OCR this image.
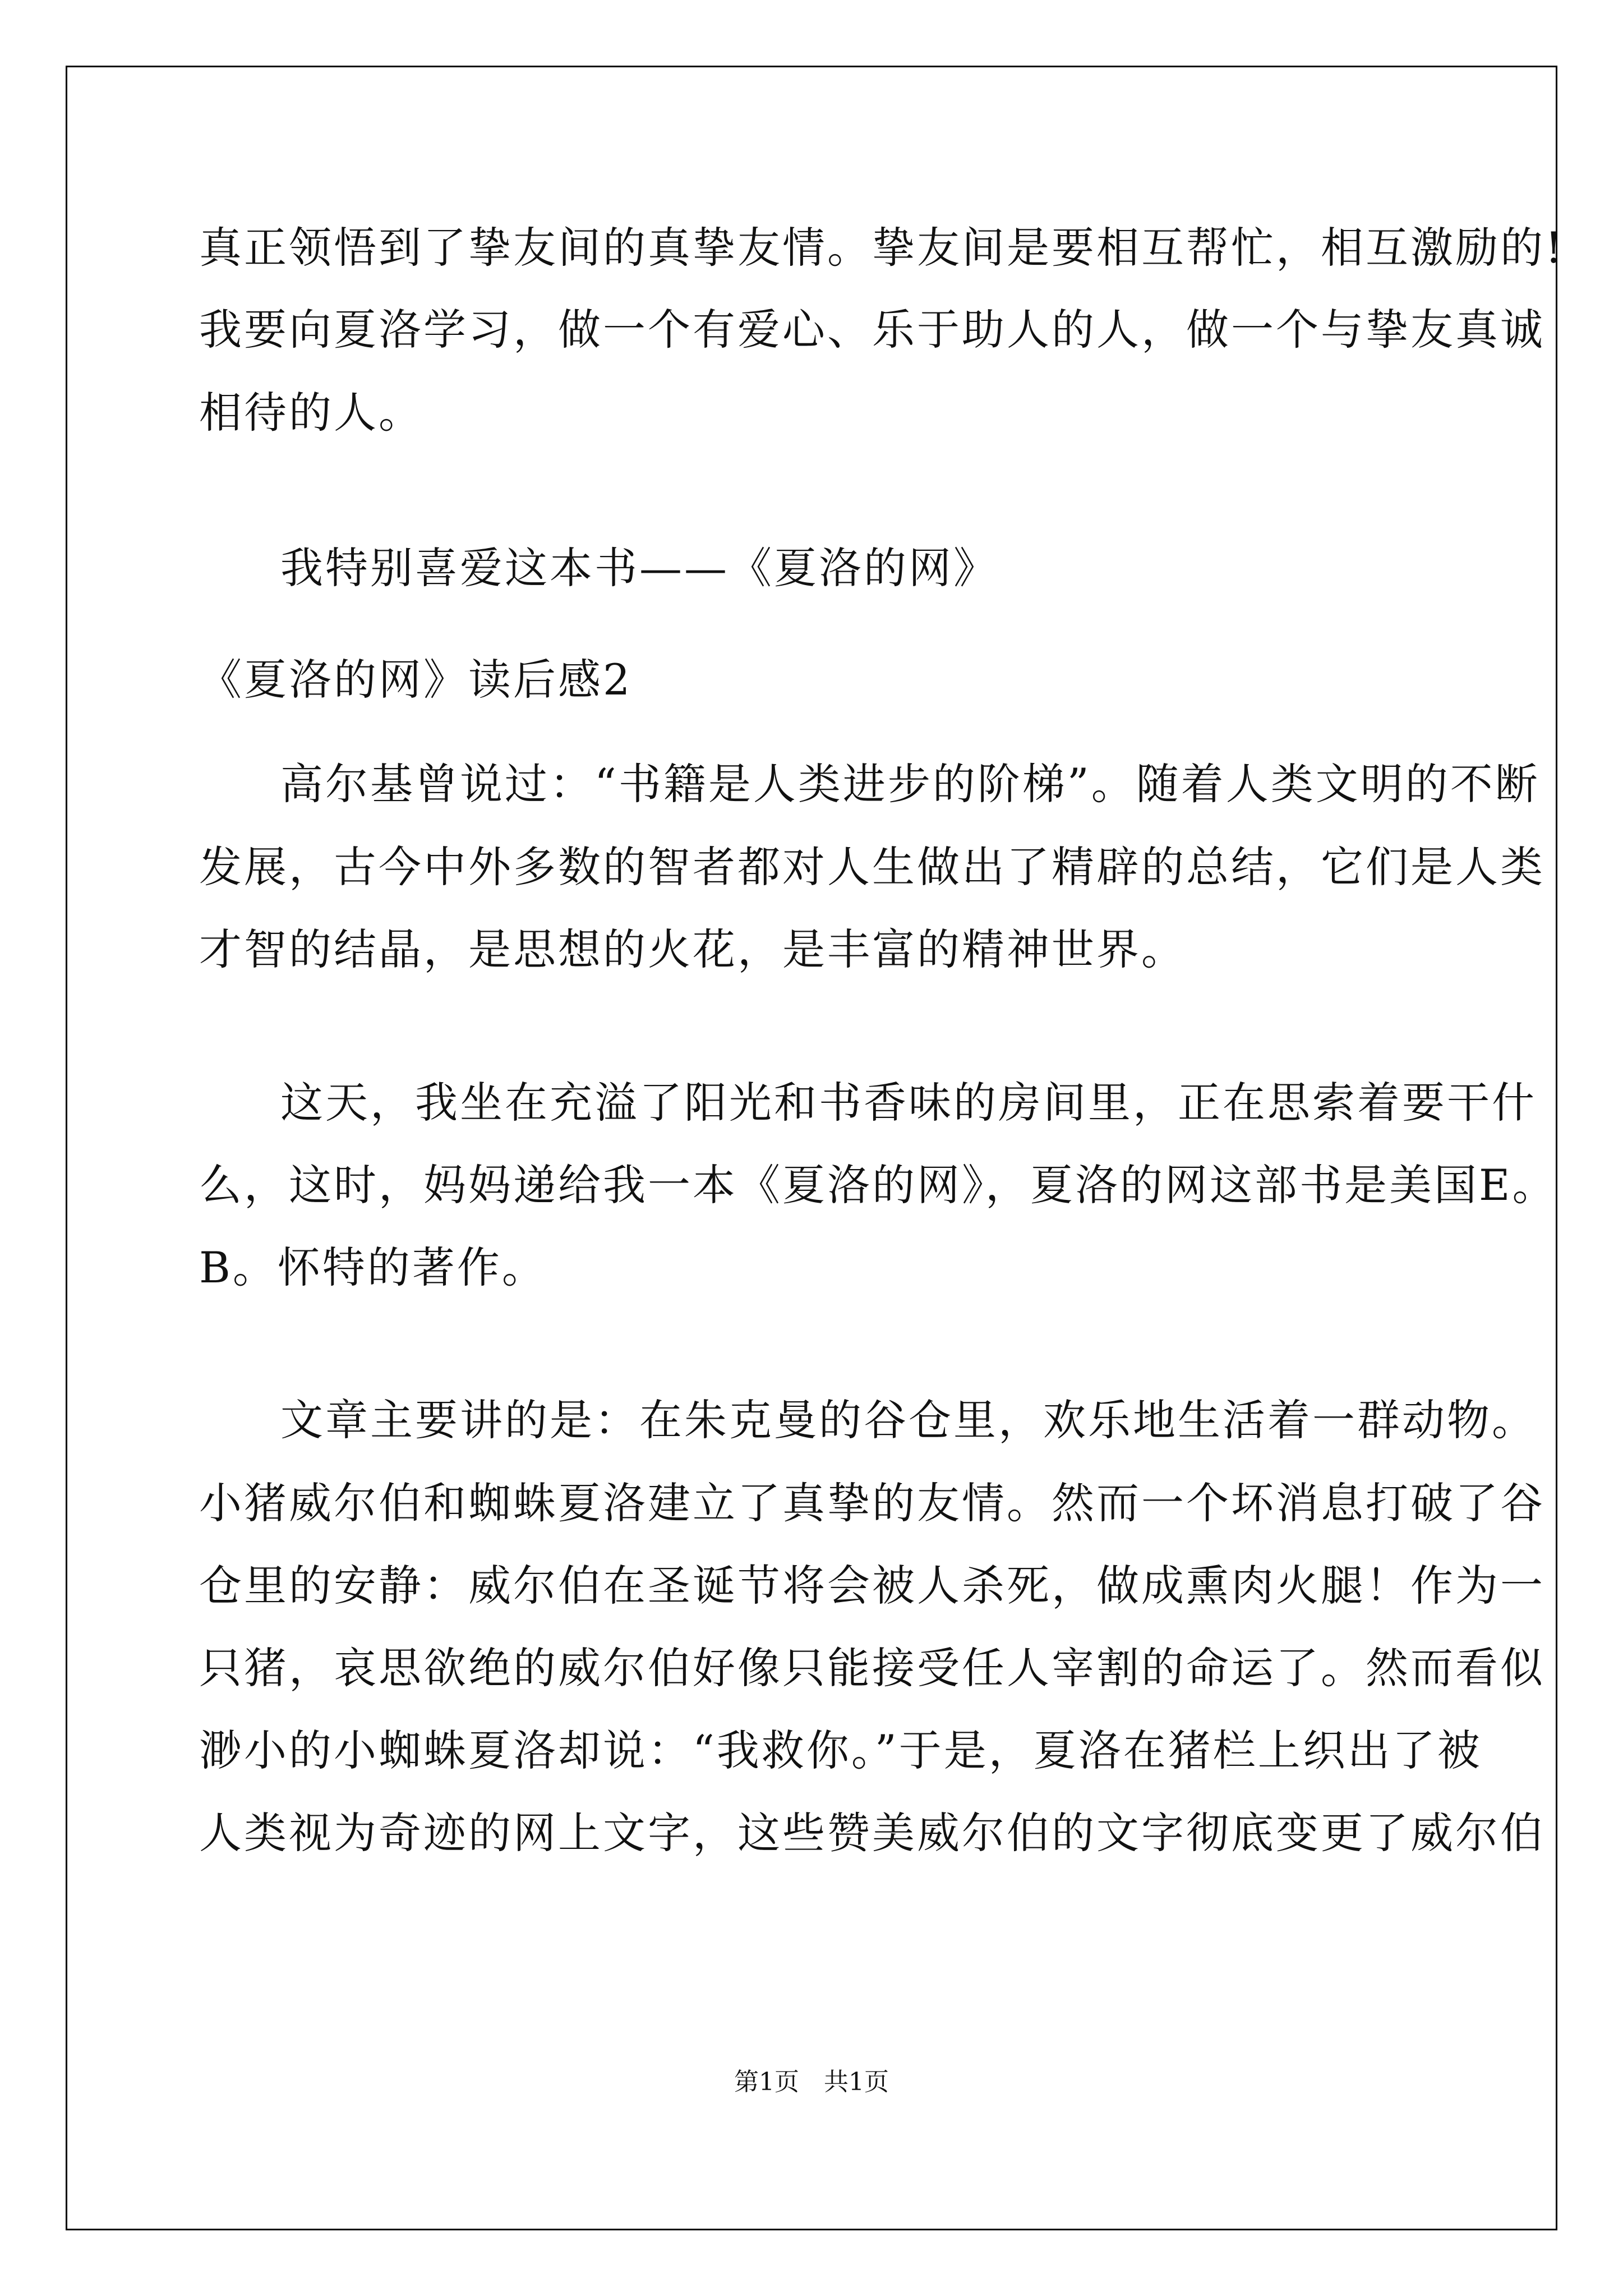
真正领悟到了挚友间的真挚友情。挚友间是要相互帮忙，相互激励的!
我要向夏洛学习，做一个有爱心、乐于助人的人，做一个与挚友真诚
相待的人。
我特别喜爱这本书——《夏洛的网》
《夏洛的网》读后感2
高尔基曾说过：“书籍是人类进步的阶梯”。随着人类文明的不断
发展，古今中外多数的智者都对人生做出了精辟的总结，它们是人类
才智的结晶，是思想的火花，是丰富的精神世界。
这天，我坐在充溢了阳光和书香味的房间里，正在思索着要干什
么，这时，妈妈递给我一本《夏洛的网》，夏洛的网这部书是美国E。
B。怀特的著作。
文章主要讲的是：在朱克曼的谷仓里，欢乐地生活着一群动物。
小猪威尔伯和蜘蛛夏洛建立了真挚的友情。然而一个坏消息打破了谷
仓里的安静：威尔伯在圣诞节将会被人杀死，做成熏肉火腿！作为一
只猪，哀思欲绝的威尔伯好像只能接受任人宰割的命运了。然而看似
渺小的小蜘蛛夏洛却说：“我救你。”于是，夏洛在猪栏上织出了被
人类视为奇迹的网上文字，这些赞美威尔伯的文字彻底变更了威尔伯
第1页　共1页
